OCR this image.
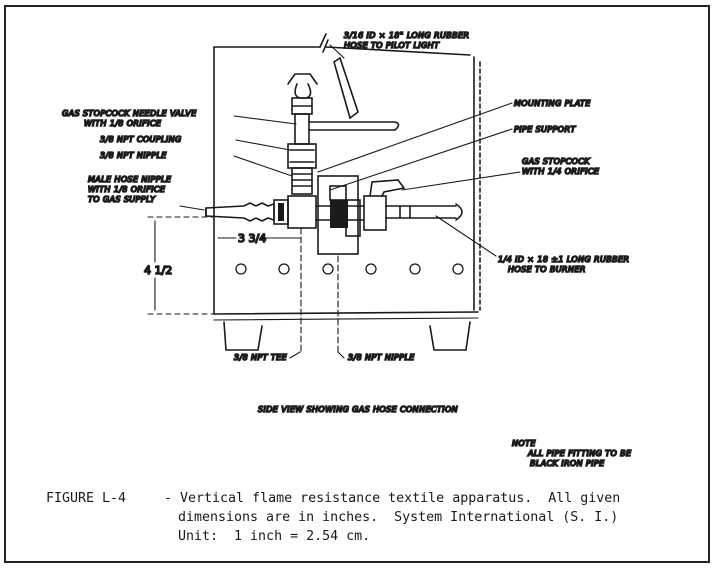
3/16 ID × 18" LONG RUBBER
HOSE TO PILOT LIGHT
GAS STOPCOCK NEEDLE VALVE
WITH 1/8 ORIFICE
MOUNTING PLATE
PIPE SUPPORT
3/8 NPT COUPLING
3/8 NPT NIPPLE
GAS STOPCOCK
WITH 1/4 ORIFICE
MALE HOSE NIPPLE
WITH 1/8 ORIFICE
TO GAS SUPPLY
1/4 ID × 18 ±1 LONG RUBBER
HOSE TO BURNER
3/8 NPT TEE	3/8 NPT NIPPLE
SIDE VIEW SHOWING GAS HOSE CONNECTION
NOTE
ALL PIPE FITTING TO BE
BLACK IRON PIPE
3 3/4
4 1/2
FIGURE L-4	- Vertical flame resistance textile apparatus.  All given
dimensions are in inches.  System International (S. I.)
Unit:  1 inch = 2.54 cm.
